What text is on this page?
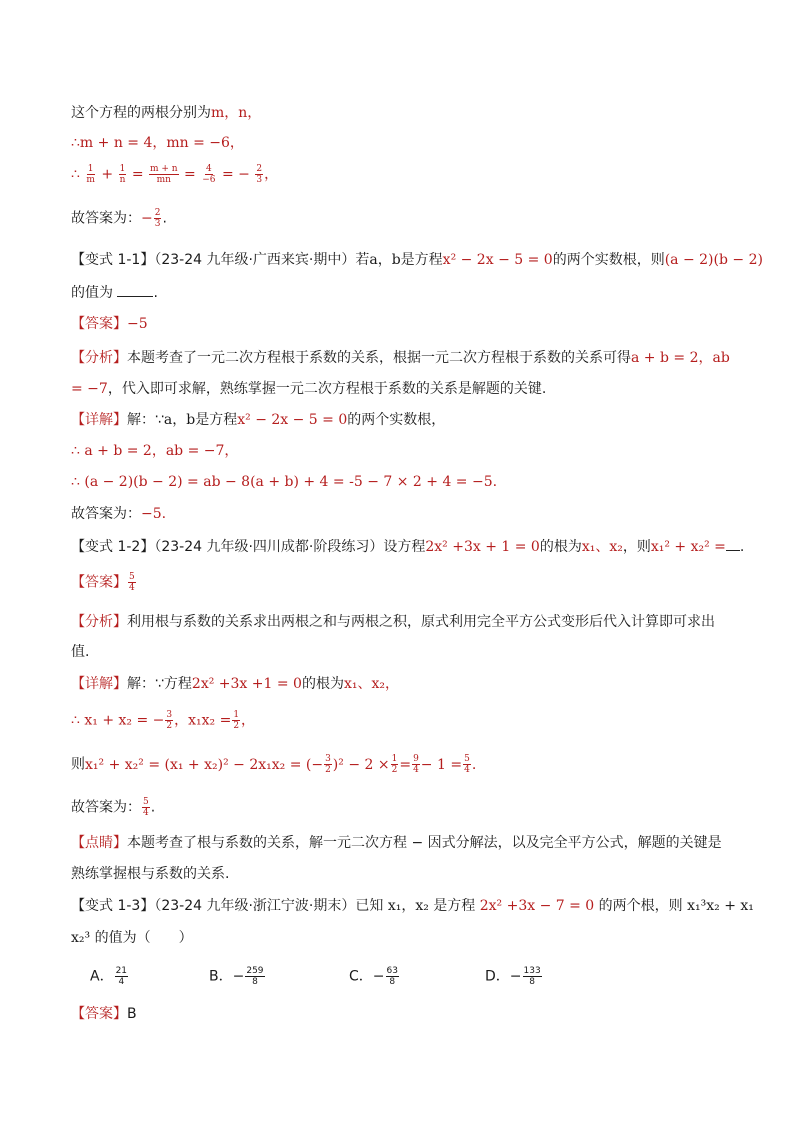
这个方程的两根分别为m，n，
∴m + n = 4，mn = −6，
∴ $\frac{1}{m} + \frac{1}{n} = \frac{m + n}{mn} = \frac{4}{-6}$ = − $\frac{2}{3}$ ，
故答案为：− $\frac{2}{3}$ .
【变式 1-1】（23-24 九年级·广西来宾·期中）若a，b是方程x² − 2x − 5 = 0的两个实数根，则(a − 2)(b − 2)
的值为	.
【答案】−5
【分析】本题考查了一元二次方程根于系数的关系，根据一元二次方程根于系数的关系可得a + b = 2，ab
= −7，代入即可求解，熟练掌握一元二次方程根于系数的关系是解题的关键.
【详解】解：∵a，b是方程x² − 2x − 5 = 0的两个实数根，
∴ a + b = 2，ab = −7，
∴ (a − 2)(b − 2) = ab − 8(a + b) + 4 = -5 − 7 × 2 + 4 = −5.
故答案为：−5.
【变式 1-2】（23-24 九年级·四川成都·阶段练习）设方程2x² +3x + 1 = 0的根为x₁、x₂，则x₁² + x₂² = .
【答案】 $\frac{5}{4}$
【分析】利用根与系数的关系求出两根之和与两根之积，原式利用完全平方公式变形后代入计算即可求出
值.
【详解】解：∵方程2x² +3x +1 = 0的根为x₁、x₂，
∴ x₁ + x₂ = − $\frac{3}{2}$ ，$x_1x_2 = \frac{1}{2}$ ，
则x₁² + x₂² = (x₁ + x₂)² − 2x₁x₂ = (− $\frac{3}{2} )^2 - 2 \times \frac{1}{2} = \frac{9}{4} - 1 = \frac{5}{4}$ .
故答案为： $\frac{5}{4}$ .
【点睛】本题考查了根与系数的关系，解一元二次方程 − 因式分解法，以及完全平方公式，解题的关键是
熟练掌握根与系数的关系.
【变式 1-3】（23-24 九年级·浙江宁波·期末）已知 x₁，x₂ 是方程 2x² +3x − 7 = 0 的两个根，则 x₁³x₂ + x₁
x₂³ 的值为（　　）
A． $\frac{21}{4}$	B．− $\frac{259}{8}$	C．− $\frac{63}{8}$	D．− $\frac{133}{8}$
【答案】B
